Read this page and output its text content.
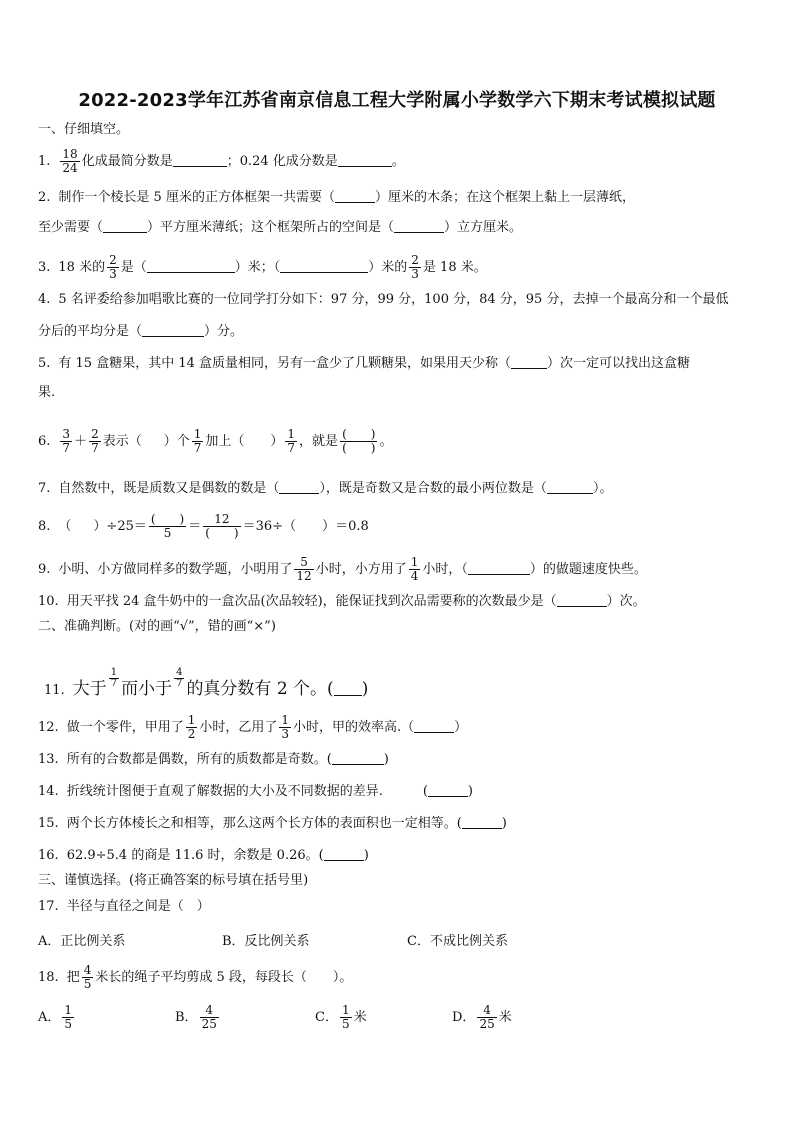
2022-2023学年江苏省南京信息工程大学附属小学数学六下期末考试模拟试题
一、仔细填空。
1. $\frac{18}{24}$ 化成最简分数是	；0.24 化成分数是	。
2. 制作一个棱长是 5 厘米的正方体框架一共需要（	）厘米的木条；在这个框架上黏上一层薄纸，
至少需要（	）平方厘米薄纸；这个框架所占的空间是（	）立方厘米。
3. 18 米的 $\frac{2}{3}$ 是（	）米；（	）米的 $\frac{2}{3}$ 是 18 米。
4. 5 名评委给参加唱歌比赛的一位同学打分如下：97 分，99 分，100 分，84 分，95 分，去掉一个最高分和一个最低
分后的平均分是（	）分。
5. 有 15 盒糖果，其中 14 盒质量相同，另有一盒少了几颗糖果，如果用天少称（	）次一定可以找出这盒糖
果.
6. $\frac{3}{7} + \frac{2}{7}$ 表示（ ）个 $\frac{1}{7}$ 加上（ ） $\frac{1}{7}$ ，就是 $\frac{( )}{( )}$ 。
7. 自然数中，既是质数又是偶数的数是（	），既是奇数又是合数的最小两位数是（	）。
8. （ ）$\div 25= \frac{( )}{5} = \frac{12}{( )} =36\div$（ ）＝0.8
9. 小明、小方做同样多的数学题，小明用了 $\frac{5}{12}$ 小时，小方用了 $\frac{1}{4}$ 小时，（	）的做题速度快些。
10. 用天平找 24 盒牛奶中的一盒次品(次品较轻)，能保证找到次品需要称的次数最少是（	）次。
二、准确判断。(对的画“√”，错的画“×”)
11. 大于 $\frac{1}{7}$ 而小于 $\frac{4}{7}$ 的真分数有 2 个。( )
12. 做一个零件，甲用了 $\frac{1}{2}$ 小时，乙用了 $\frac{1}{3}$ 小时，甲的效率高.（	）
13. 所有的合数都是偶数，所有的质数都是奇数。(	)
14. 折线统计图便于直观了解数据的大小及不同数据的差异.	(	)
15. 两个长方体棱长之和相等，那么这两个长方体的表面积也一定相等。(	)
16. 62.9÷5.4 的商是 11.6 时，余数是 0.26。(	)
三、谨慎选择。(将正确答案的标号填在括号里)
17. 半径与直径之间是（　）
A．正比例关系	B．反比例关系	C．不成比例关系
18. 把 $\frac{4}{5}$ 米长的绳子平均剪成 5 段，每段长（　　）。
A． $\frac{1}{5}$	B． $\frac{4}{25}$	C． $\frac{1}{5}$ 米	D． $\frac{4}{25}$ 米
